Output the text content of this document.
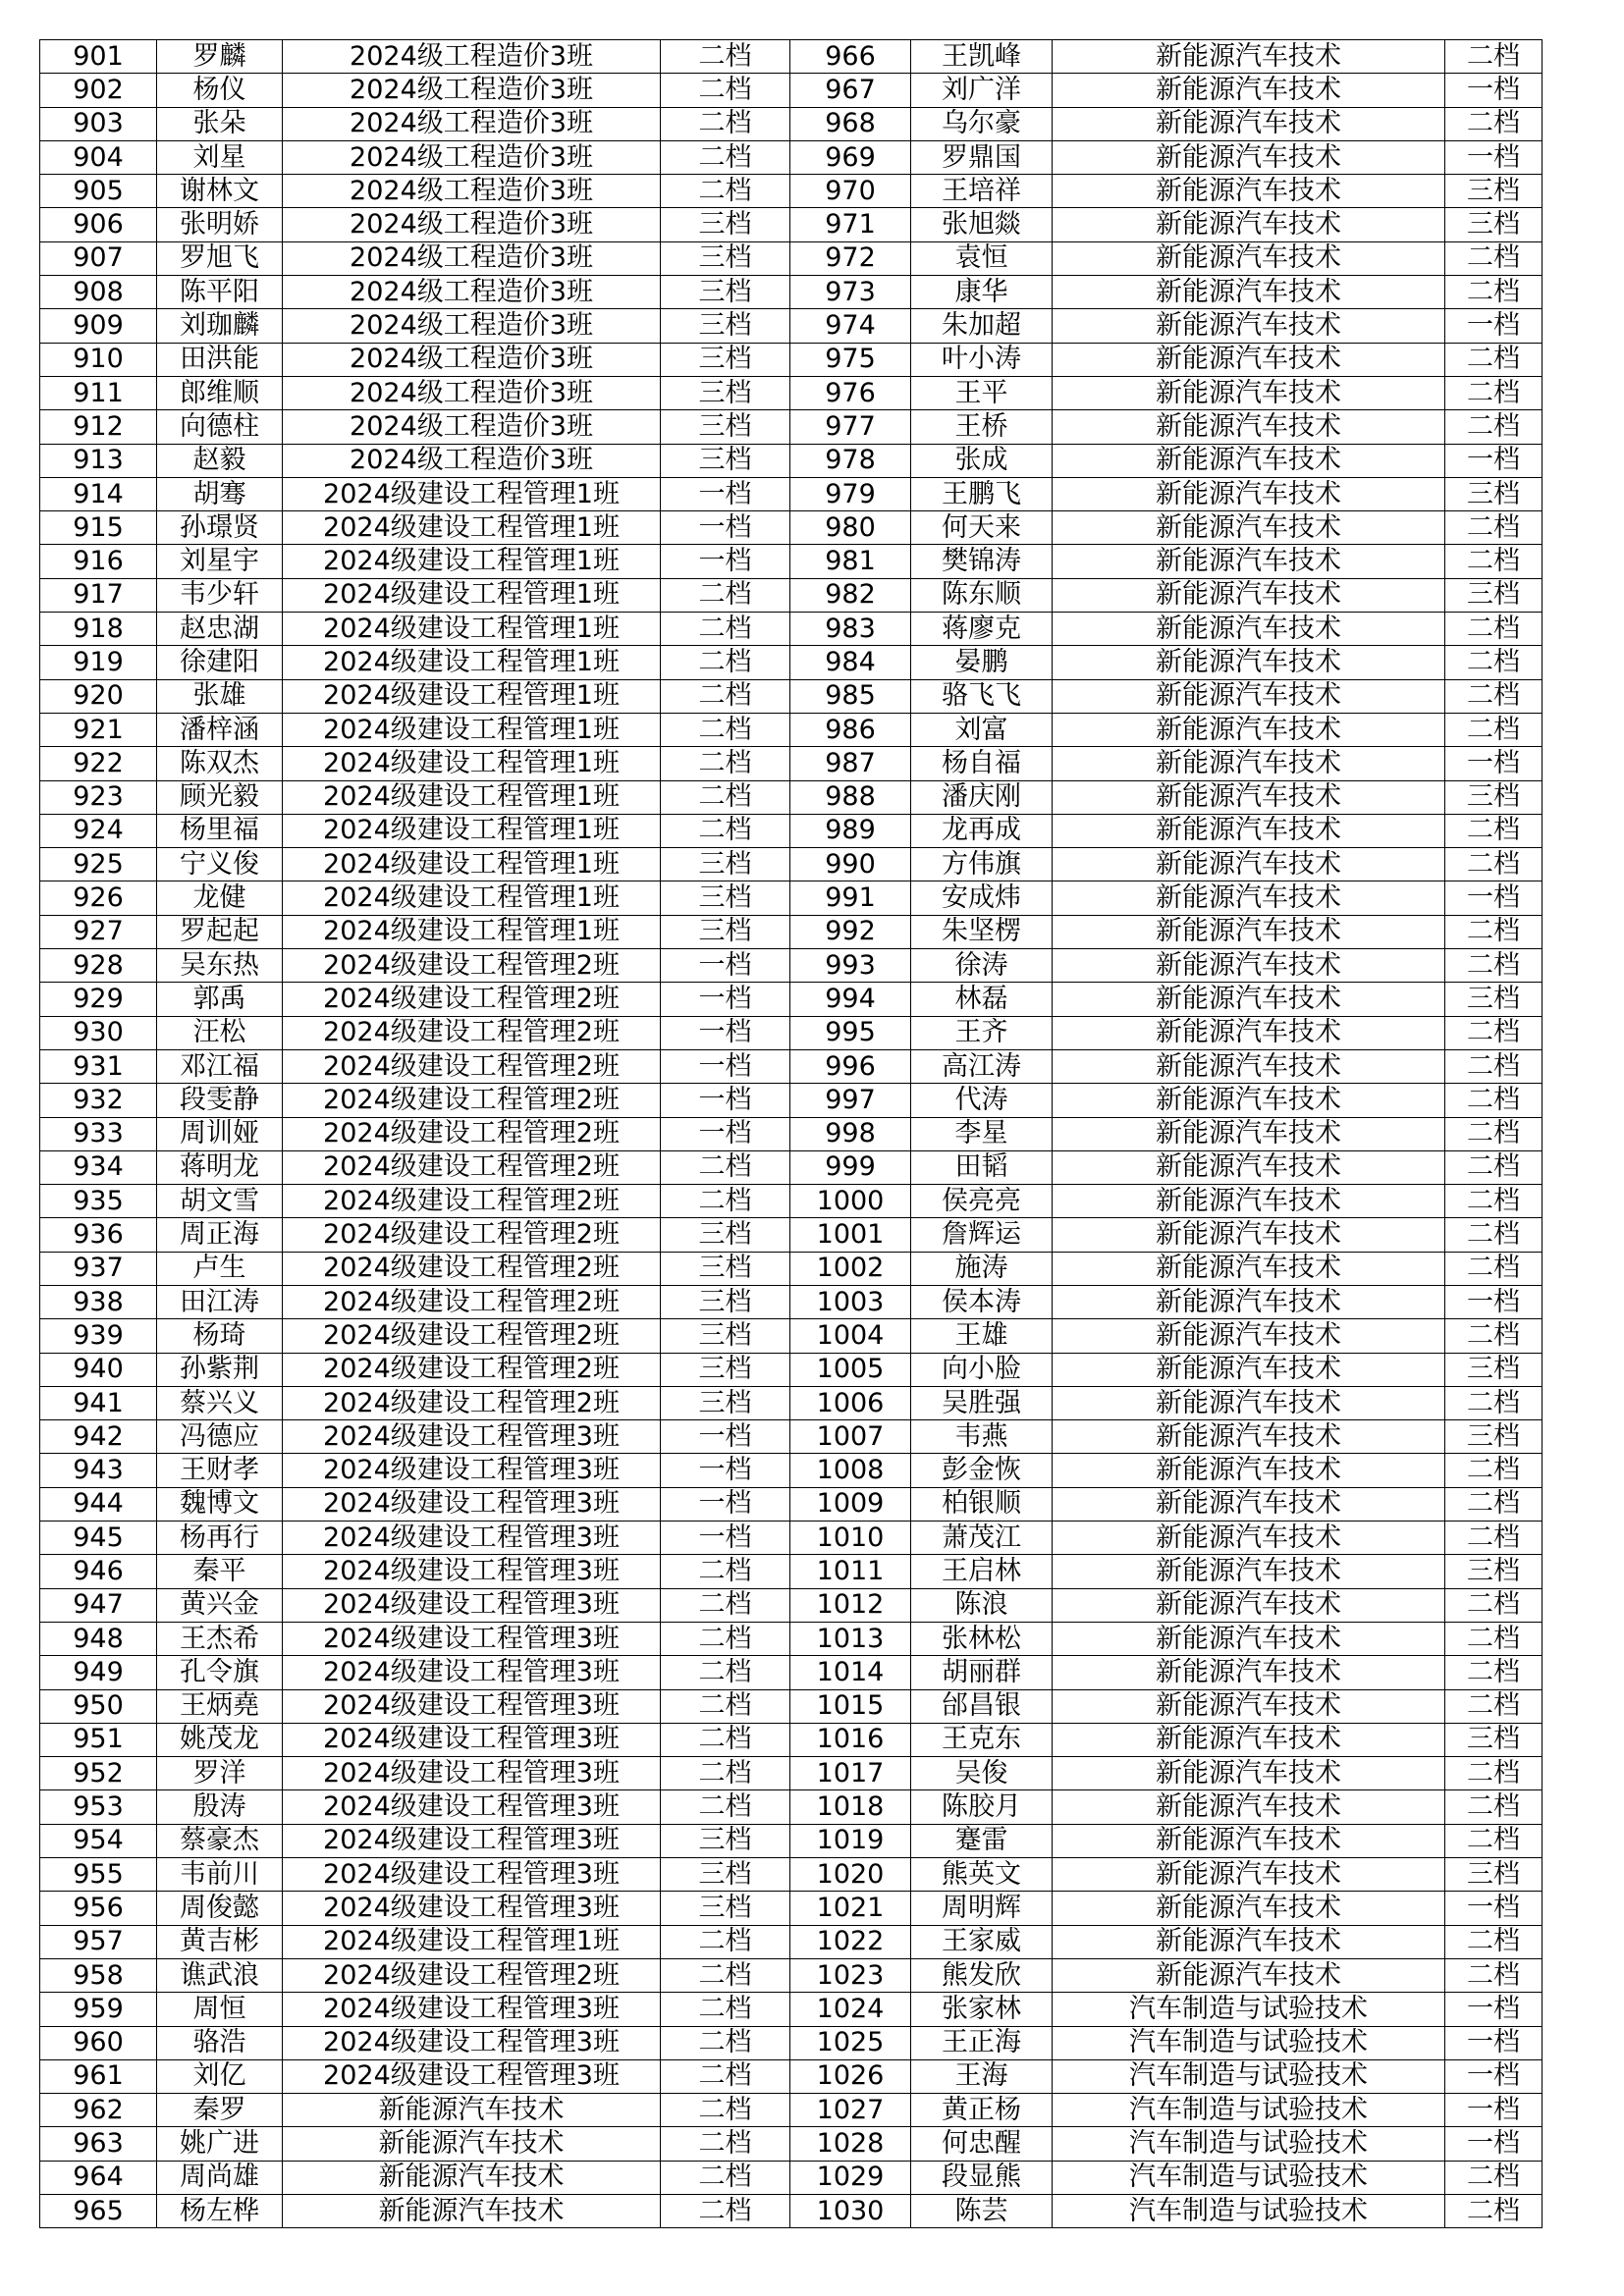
901	罗麟	2024级工程造价3班	二档	966	王凯峰	新能源汽车技术	二档
902	杨仪	2024级工程造价3班	二档	967	刘广洋	新能源汽车技术	一档
903	张朵	2024级工程造价3班	二档	968	乌尔豪	新能源汽车技术	二档
904	刘星	2024级工程造价3班	二档	969	罗鼎国	新能源汽车技术	一档
905	谢林文	2024级工程造价3班	二档	970	王培祥	新能源汽车技术	三档
906	张明娇	2024级工程造价3班	三档	971	张旭燚	新能源汽车技术	三档
907	罗旭飞	2024级工程造价3班	三档	972	袁恒	新能源汽车技术	二档
908	陈平阳	2024级工程造价3班	三档	973	康华	新能源汽车技术	二档
909	刘珈麟	2024级工程造价3班	三档	974	朱加超	新能源汽车技术	一档
910	田洪能	2024级工程造价3班	三档	975	叶小涛	新能源汽车技术	二档
911	郎维顺	2024级工程造价3班	三档	976	王平	新能源汽车技术	二档
912	向德柱	2024级工程造价3班	三档	977	王桥	新能源汽车技术	二档
913	赵毅	2024级工程造价3班	三档	978	张成	新能源汽车技术	一档
914	胡骞	2024级建设工程管理1班	一档	979	王鹏飞	新能源汽车技术	三档
915	孙璟贤	2024级建设工程管理1班	一档	980	何天来	新能源汽车技术	二档
916	刘星宇	2024级建设工程管理1班	一档	981	樊锦涛	新能源汽车技术	二档
917	韦少轩	2024级建设工程管理1班	二档	982	陈东顺	新能源汽车技术	三档
918	赵忠湖	2024级建设工程管理1班	二档	983	蒋廖克	新能源汽车技术	二档
919	徐建阳	2024级建设工程管理1班	二档	984	晏鹏	新能源汽车技术	二档
920	张雄	2024级建设工程管理1班	二档	985	骆飞飞	新能源汽车技术	二档
921	潘梓涵	2024级建设工程管理1班	二档	986	刘富	新能源汽车技术	二档
922	陈双杰	2024级建设工程管理1班	二档	987	杨自福	新能源汽车技术	一档
923	顾光毅	2024级建设工程管理1班	二档	988	潘庆刚	新能源汽车技术	三档
924	杨里福	2024级建设工程管理1班	二档	989	龙再成	新能源汽车技术	二档
925	宁义俊	2024级建设工程管理1班	三档	990	方伟旗	新能源汽车技术	二档
926	龙健	2024级建设工程管理1班	三档	991	安成炜	新能源汽车技术	一档
927	罗起起	2024级建设工程管理1班	三档	992	朱坚楞	新能源汽车技术	二档
928	吴东热	2024级建设工程管理2班	一档	993	徐涛	新能源汽车技术	二档
929	郭禹	2024级建设工程管理2班	一档	994	林磊	新能源汽车技术	三档
930	汪松	2024级建设工程管理2班	一档	995	王齐	新能源汽车技术	二档
931	邓江福	2024级建设工程管理2班	一档	996	高江涛	新能源汽车技术	二档
932	段雯静	2024级建设工程管理2班	一档	997	代涛	新能源汽车技术	二档
933	周训娅	2024级建设工程管理2班	一档	998	李星	新能源汽车技术	二档
934	蒋明龙	2024级建设工程管理2班	二档	999	田韬	新能源汽车技术	二档
935	胡文雪	2024级建设工程管理2班	二档	1000	侯亮亮	新能源汽车技术	二档
936	周正海	2024级建设工程管理2班	三档	1001	詹辉运	新能源汽车技术	二档
937	卢生	2024级建设工程管理2班	三档	1002	施涛	新能源汽车技术	二档
938	田江涛	2024级建设工程管理2班	三档	1003	侯本涛	新能源汽车技术	一档
939	杨琦	2024级建设工程管理2班	三档	1004	王雄	新能源汽车技术	二档
940	孙紫荆	2024级建设工程管理2班	三档	1005	向小脸	新能源汽车技术	三档
941	蔡兴义	2024级建设工程管理2班	三档	1006	吴胜强	新能源汽车技术	二档
942	冯德应	2024级建设工程管理3班	一档	1007	韦燕	新能源汽车技术	三档
943	王财孝	2024级建设工程管理3班	一档	1008	彭金恢	新能源汽车技术	二档
944	魏博文	2024级建设工程管理3班	一档	1009	柏银顺	新能源汽车技术	二档
945	杨再行	2024级建设工程管理3班	一档	1010	萧茂江	新能源汽车技术	二档
946	秦平	2024级建设工程管理3班	二档	1011	王启林	新能源汽车技术	三档
947	黄兴金	2024级建设工程管理3班	二档	1012	陈浪	新能源汽车技术	二档
948	王杰希	2024级建设工程管理3班	二档	1013	张林松	新能源汽车技术	二档
949	孔令旗	2024级建设工程管理3班	二档	1014	胡丽群	新能源汽车技术	二档
950	王炳堯	2024级建设工程管理3班	二档	1015	邰昌银	新能源汽车技术	二档
951	姚茂龙	2024级建设工程管理3班	二档	1016	王克东	新能源汽车技术	三档
952	罗洋	2024级建设工程管理3班	二档	1017	吴俊	新能源汽车技术	二档
953	殷涛	2024级建设工程管理3班	二档	1018	陈胶月	新能源汽车技术	二档
954	蔡豪杰	2024级建设工程管理3班	三档	1019	蹇雷	新能源汽车技术	二档
955	韦前川	2024级建设工程管理3班	三档	1020	熊英文	新能源汽车技术	三档
956	周俊懿	2024级建设工程管理3班	三档	1021	周明辉	新能源汽车技术	一档
957	黄吉彬	2024级建设工程管理1班	二档	1022	王家威	新能源汽车技术	二档
958	谯武浪	2024级建设工程管理2班	二档	1023	熊发欣	新能源汽车技术	二档
959	周恒	2024级建设工程管理3班	二档	1024	张家林	汽车制造与试验技术	一档
960	骆浩	2024级建设工程管理3班	二档	1025	王正海	汽车制造与试验技术	一档
961	刘亿	2024级建设工程管理3班	二档	1026	王海	汽车制造与试验技术	一档
962	秦罗	新能源汽车技术	二档	1027	黄正杨	汽车制造与试验技术	一档
963	姚广进	新能源汽车技术	二档	1028	何忠醒	汽车制造与试验技术	一档
964	周尚雄	新能源汽车技术	二档	1029	段显熊	汽车制造与试验技术	二档
965	杨左桦	新能源汽车技术	二档	1030	陈芸	汽车制造与试验技术	二档
